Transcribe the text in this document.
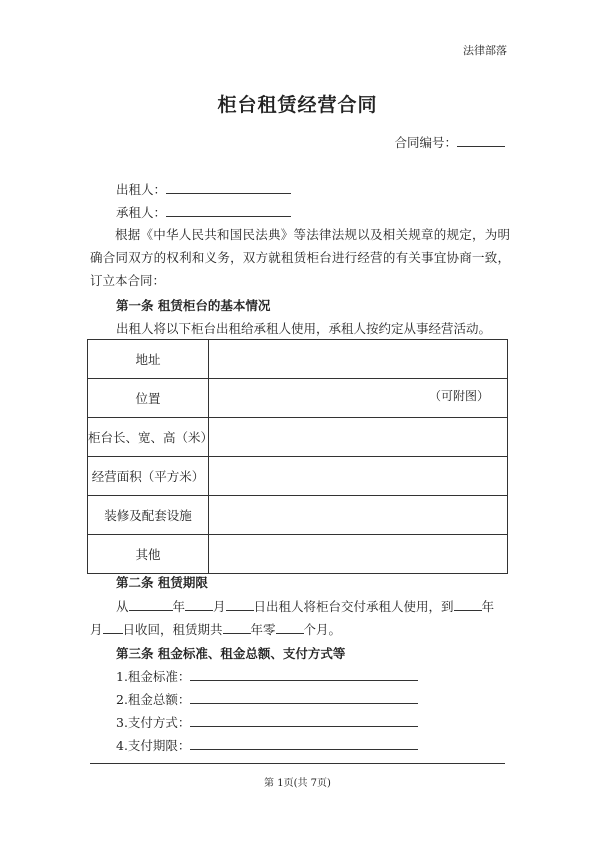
法律部落
柜台租赁经营合同
合同编号：
出租人：
承租人：
根据《中华人民共和国民法典》等法律法规以及相关规章的规定，为明确合同双方的权利和义务，双方就租赁柜台进行经营的有关事宜协商一致，订立本合同：
第一条 租赁柜台的基本情况
出租人将以下柜台出租给承租人使用，承租人按约定从事经营活动。
地址	
位置	（可附图）

柜台长、宽、高（米）	
经营面积（平方米）	
装修及配套设施	
其他	
第二条 租赁期限
从	年 月 日出租人将柜台交付承租人使用，到 年
月 日收回，租赁期共 年零 个月。
第三条 租金标准、租金总额、支付方式等
1.租金标准：
2.租金总额：
3.支付方式：
4.支付期限：
第 1页(共 7页)
